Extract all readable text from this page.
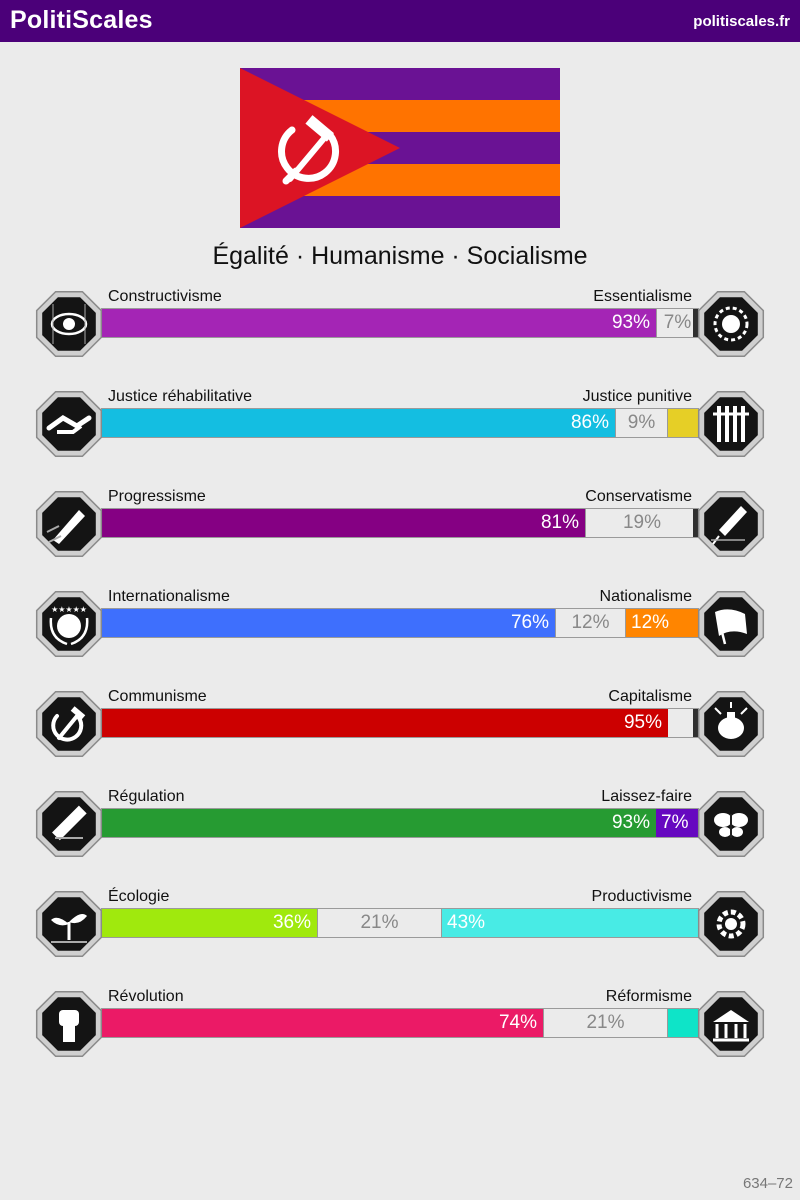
PolitiScales	politiscales.fr
Égalité · Humanisme · Socialisme
Constructivisme	Essentialisme
93% 7%
Justice réhabilitative	Justice punitive
86% 9%
Progressisme	Conservatisme
81%	19%
Internationalisme	Nationalisme
76%	12%	12%
★★★★★
Communisme	Capitalisme
95%
Régulation	Laissez-faire
93% 7%
Écologie	Productivisme
36%	21%	43%
Révolution	Réformisme
74%	21%
634–72
